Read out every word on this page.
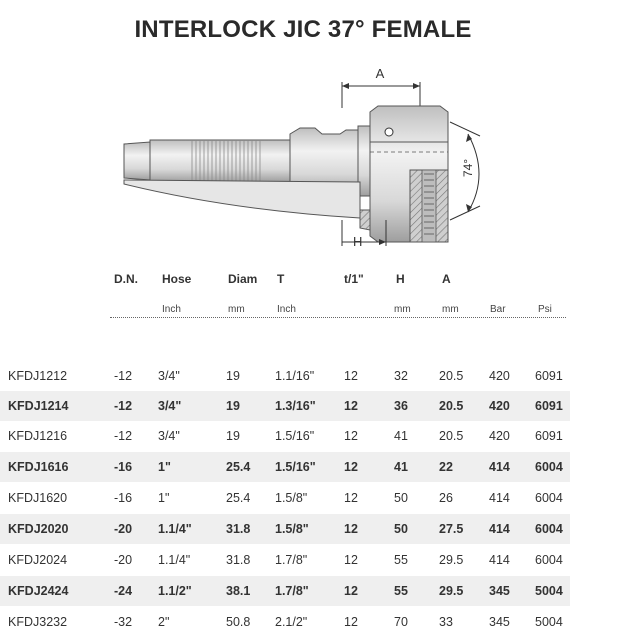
INTERLOCK JIC 37° FEMALE
A
74°
H
D.N. Hose	Diam T	t/1"	H	A
Inch	mm	Inch	mm	mm	Bar	Psi
KFDJ1212	-12 3/4"	19	1.1/16" 12	32 20.5 420 6091
KFDJ1214	-12 3/4"	19	1.3/16" 12	36 20.5 420 6091
KFDJ1216	-12 3/4"	19	1.5/16" 12	41 20.5 420 6091
KFDJ1616	-16 1"	25.4 1.5/16" 12	41 22	414 6004
KFDJ1620	-16 1"	25.4 1.5/8"	12	50 26	414 6004
KFDJ2020	-20 1.1/4"	31.8 1.5/8"	12	50 27.5 414 6004
KFDJ2024	-20 1.1/4"	31.8 1.7/8"	12	55 29.5 414 6004
KFDJ2424	-24 1.1/2"	38.1 1.7/8"	12	55 29.5 345 5004
KFDJ3232	-32 2"	50.8 2.1/2"	12	70 33	345 5004
